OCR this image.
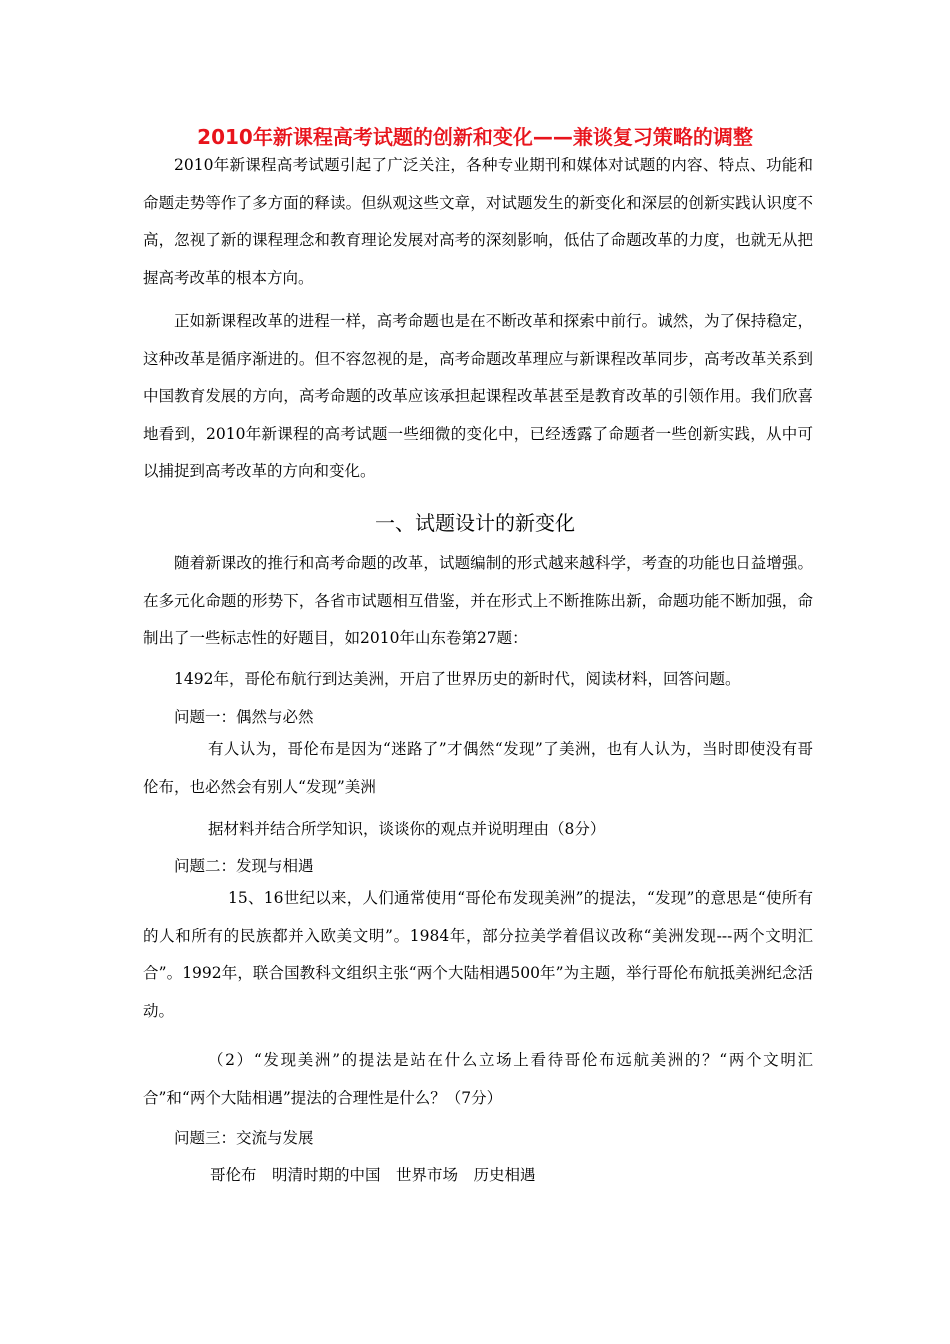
2010年新课程高考试题的创新和变化——兼谈复习策略的调整

2010年新课程高考试题引起了广泛关注，各种专业期刊和媒体对试题的内容、特点、功能和命题走势等作了多方面的释读。但纵观这些文章，对试题发生的新变化和深层的创新实践认识度不高，忽视了新的课程理念和教育理论发展对高考的深刻影响，低估了命题改革的力度，也就无从把握高考改革的根本方向。

正如新课程改革的进程一样，高考命题也是在不断改革和探索中前行。诚然，为了保持稳定，这种改革是循序渐进的。但不容忽视的是，高考命题改革理应与新课程改革同步，高考改革关系到中国教育发展的方向，高考命题的改革应该承担起课程改革甚至是教育改革的引领作用。我们欣喜地看到，2010年新课程的高考试题一些细微的变化中，已经透露了命题者一些创新实践，从中可以捕捉到高考改革的方向和变化。

一、试题设计的新变化

随着新课改的推行和高考命题的改革，试题编制的形式越来越科学，考查的功能也日益增强。在多元化命题的形势下，各省市试题相互借鉴，并在形式上不断推陈出新，命题功能不断加强，命制出了一些标志性的好题目，如2010年山东卷第27题：

1492年，哥伦布航行到达美洲，开启了世界历史的新时代，阅读材料，回答问题。

问题一：偶然与必然

有人认为，哥伦布是因为“迷路了”才偶然“发现”了美洲，也有人认为，当时即使没有哥伦布，也必然会有别人“发现”美洲

据材料并结合所学知识，谈谈你的观点并说明理由（8分）

问题二：发现与相遇

15、16世纪以来，人们通常使用“哥伦布发现美洲”的提法，“发现”的意思是“使所有的人和所有的民族都并入欧美文明”。1984年，部分拉美学着倡议改称“美洲发现---两个文明汇合”。1992年，联合国教科文组织主张“两个大陆相遇500年”为主题，举行哥伦布航抵美洲纪念活动。

（2）“发现美洲”的提法是站在什么立场上看待哥伦布远航美洲的？“两个文明汇合”和“两个大陆相遇”提法的合理性是什么？（7分）

问题三：交流与发展

哥伦布　明清时期的中国　世界市场　历史相遇
